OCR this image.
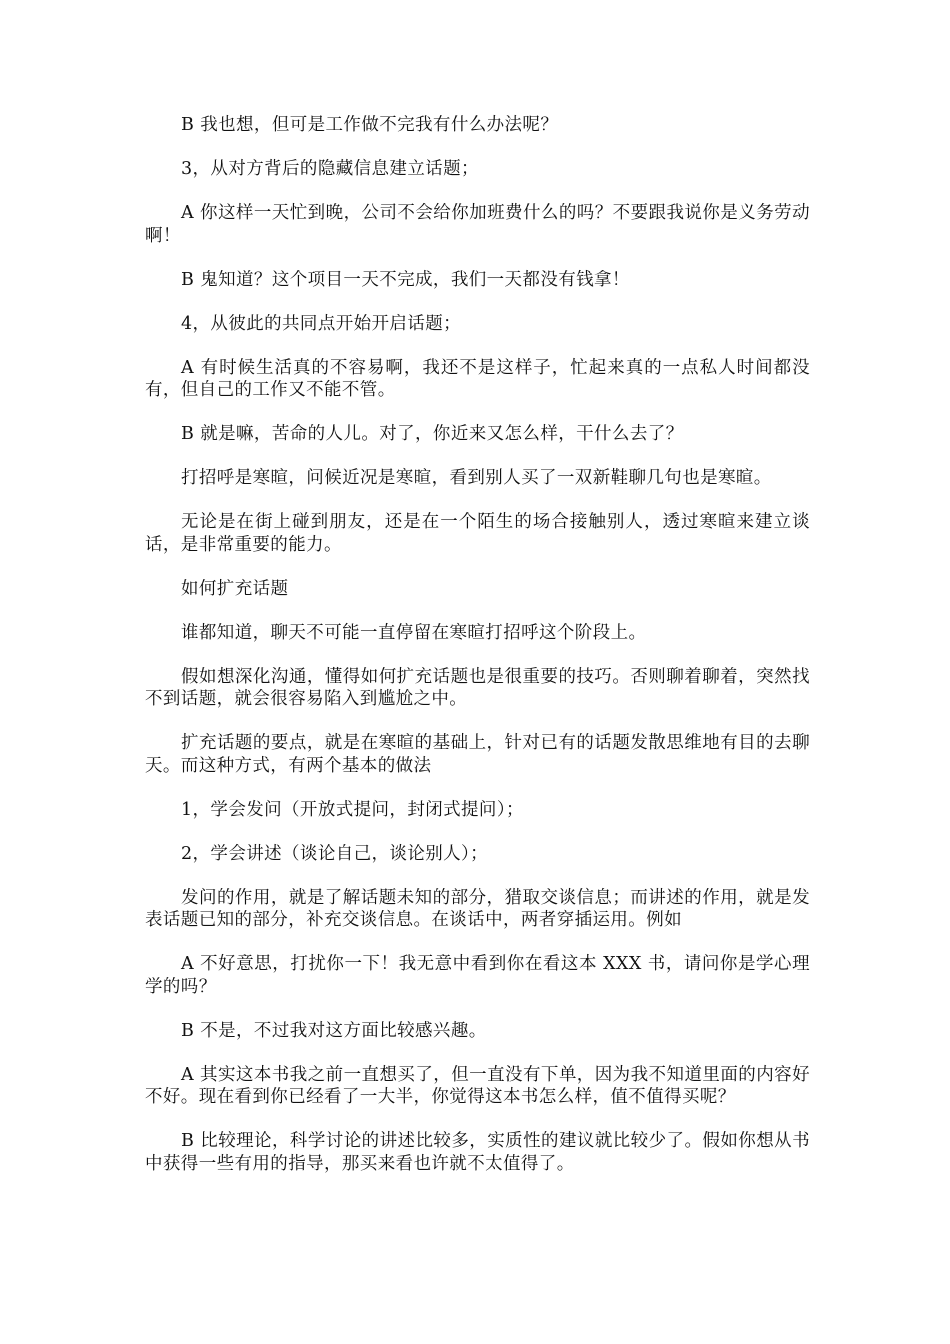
B 我也想，但可是工作做不完我有什么办法呢？

3，从对方背后的隐藏信息建立话题；

A 你这样一天忙到晚，公司不会给你加班费什么的吗？不要跟我说你是义务劳动啊！

B 鬼知道？这个项目一天不完成，我们一天都没有钱拿！

4，从彼此的共同点开始开启话题；

A 有时候生活真的不容易啊，我还不是这样子，忙起来真的一点私人时间都没有，但自己的工作又不能不管。

B 就是嘛，苦命的人儿。对了，你近来又怎么样，干什么去了？

打招呼是寒暄，问候近况是寒暄，看到别人买了一双新鞋聊几句也是寒暄。

无论是在街上碰到朋友，还是在一个陌生的场合接触别人，透过寒暄来建立谈话，是非常重要的能力。

如何扩充话题

谁都知道，聊天不可能一直停留在寒暄打招呼这个阶段上。

假如想深化沟通，懂得如何扩充话题也是很重要的技巧。否则聊着聊着，突然找不到话题，就会很容易陷入到尴尬之中。

扩充话题的要点，就是在寒暄的基础上，针对已有的话题发散思维地有目的去聊天。而这种方式，有两个基本的做法

1，学会发问（开放式提问，封闭式提问）；

2，学会讲述（谈论自己，谈论别人）；

发问的作用，就是了解话题未知的部分，猎取交谈信息；而讲述的作用，就是发表话题已知的部分，补充交谈信息。在谈话中，两者穿插运用。例如

A 不好意思，打扰你一下！我无意中看到你在看这本 XXX 书，请问你是学心理学的吗？

B 不是，不过我对这方面比较感兴趣。

A 其实这本书我之前一直想买了，但一直没有下单，因为我不知道里面的内容好不好。现在看到你已经看了一大半，你觉得这本书怎么样，值不值得买呢？

B 比较理论，科学讨论的讲述比较多，实质性的建议就比较少了。假如你想从书中获得一些有用的指导，那买来看也许就不太值得了。
